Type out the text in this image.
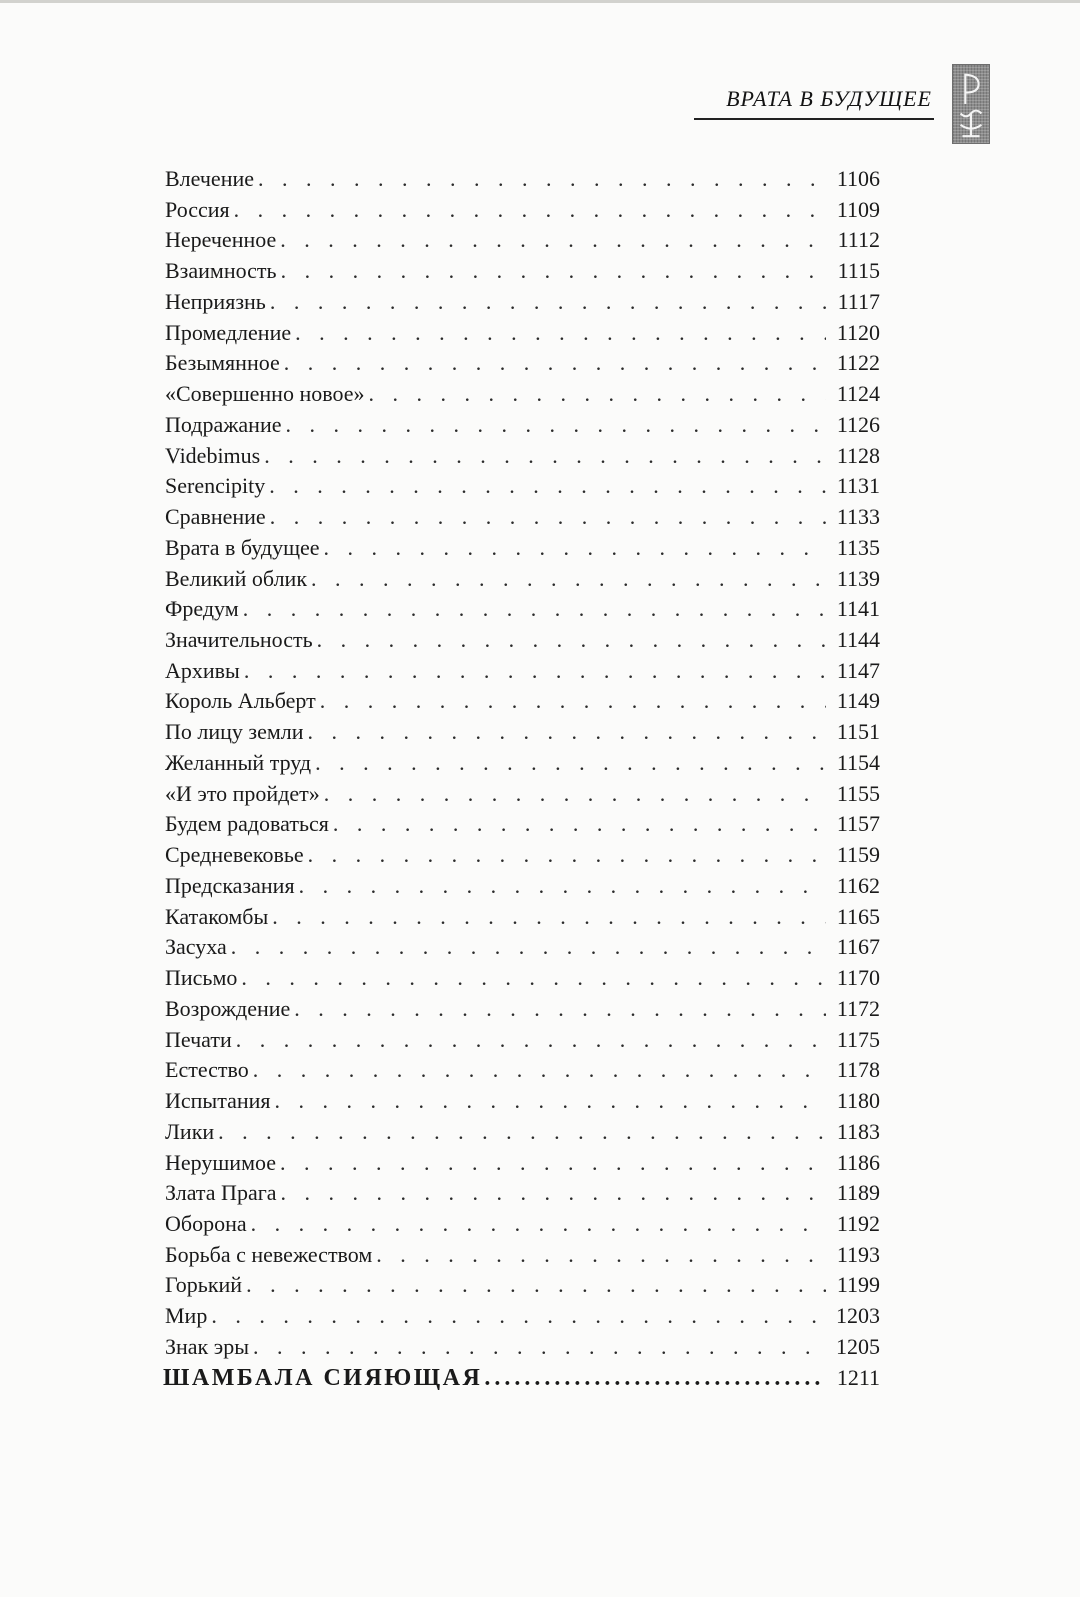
ВРАТА В БУДУЩЕЕ
Влечение . . .	1106
Россия . . .	1109
Нереченное . . .	1112
Взаимность . . .	1115
Неприязнь . . .	1117
Промедление . . .	1120
Безымянное . . .	1122
«Совершенно новое» . . .	1124
Подражание . . .	1126
Videbimus . . .	1128
Serencipity . . .	1131
Сравнение . . .	1133
Врата в будущее . . .	1135
Великий облик . . .	1139
Фредум . . .	1141
Значительность . . .	1144
Архивы . . .	1147
Король Альберт . . .	1149
По лицу земли . . .	1151
Желанный труд . . .	1154
«И это пройдет» . . .	1155
Будем радоваться . . .	1157
Средневековье . . .	1159
Предсказания . . .	1162
Катакомбы . . .	1165
Засуха . . .	1167
Письмо . . .	1170
Возрождение . . .	1172
Печати . . .	1175
Естество . . .	1178
Испытания . . .	1180
Лики . . .	1183
Нерушимое . . .	1186
Злата Прага . . .	1189
Оборона . . .	1192
Борьба с невежеством . . .	1193
Горький . . .	1199
Мир . . .	1203
Знак эры . . .	1205
ШАМБАЛА СИЯЮЩАЯ .....	1211
